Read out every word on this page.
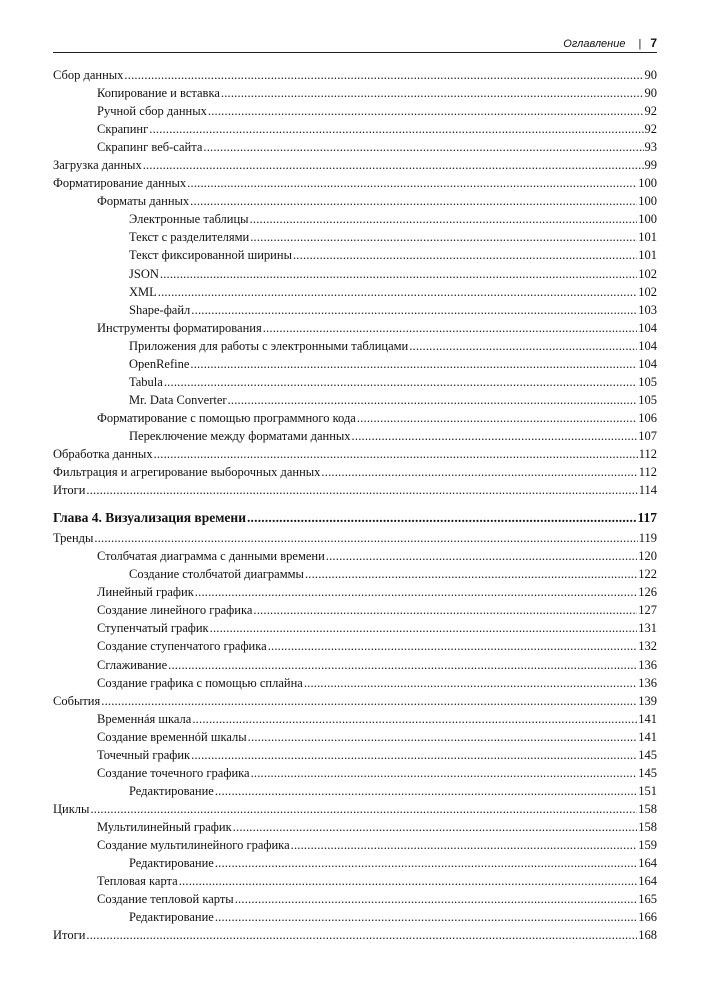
Оглавление | 7
Сбор данных .....	90
Копирование и вставка .....	90
Ручной сбор данных .....	92
Скрапинг .....	92
Скрапинг веб-сайта .....	93
Загрузка данных .....	99
Форматирование данных .....	100
Форматы данных .....	100
Электронные таблицы .....	100
Текст с разделителями .....	101
Текст фиксированной ширины .....	101
JSON .....	102
XML .....	102
Shape-файл .....	103
Инструменты форматирования .....	104
Приложения для работы с электронными таблицами .....	104
OpenRefine .....	104
Tabula .....	105
Mr. Data Converter .....	105
Форматирование с помощью программного кода .....	106
Переключение между форматами данных .....	107
Обработка данных .....	112
Фильтрация и агрегирование выборочных данных .....	112
Итоги .....	114
Глава 4. Визуализация времени .....	117
Тренды .....	119
Столбчатая диаграмма с данными времени .....	120
Создание столбчатой диаграммы .....	122
Линейный график .....	126
Создание линейного графика .....	127
Ступенчатый график .....	131
Создание ступенчатого графика .....	132
Сглаживание .....	136
Создание графика с помощью сплайна .....	136
События .....	139
Временнáя шкала .....	141
Создание временнóй шкалы .....	141
Точечный график .....	145
Создание точечного графика .....	145
Редактирование .....	151
Циклы .....	158
Мультилинейный график .....	158
Создание мультилинейного графика .....	159
Редактирование .....	164
Тепловая карта .....	164
Создание тепловой карты .....	165
Редактирование .....	166
Итоги .....	168
